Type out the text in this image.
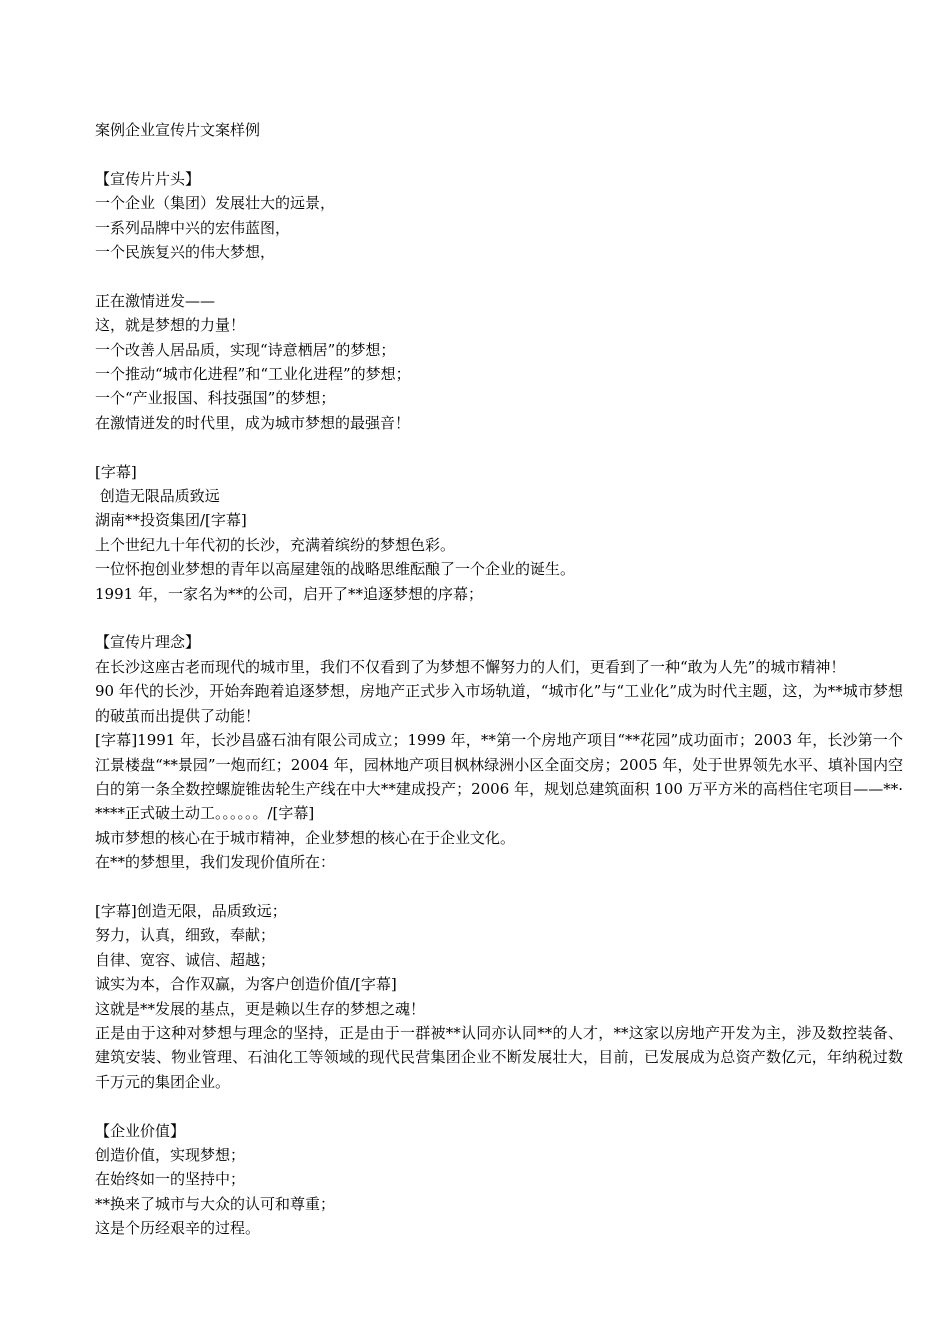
案例企业宣传片文案样例

【宣传片片头】

一个企业（集团）发展壮大的远景，

一系列品牌中兴的宏伟蓝图，

一个民族复兴的伟大梦想，

正在激情迸发——

这，就是梦想的力量！

一个改善人居品质，实现“诗意栖居”的梦想；

一个推动“城市化进程”和“工业化进程”的梦想；

一个“产业报国、科技强国”的梦想；

在激情迸发的时代里，成为城市梦想的最强音！

[字幕]

创造无限品质致远

湖南**投资集团/[字幕]

上个世纪九十年代初的长沙，充满着缤纷的梦想色彩。

一位怀抱创业梦想的青年以高屋建瓴的战略思维酝酿了一个企业的诞生。

1991 年，一家名为**的公司，启开了**追逐梦想的序幕；

【宣传片理念】

在长沙这座古老而现代的城市里，我们不仅看到了为梦想不懈努力的人们，更看到了一种“敢为人先”的城市精神！

90 年代的长沙，开始奔跑着追逐梦想，房地产正式步入市场轨道，“城市化”与“工业化”成为时代主题，这，为**城市梦想的破茧而出提供了动能！

[字幕]1991 年，长沙昌盛石油有限公司成立；1999 年，**第一个房地产项目“**花园”成功面市；2003 年，长沙第一个江景楼盘“**景园”一炮而红；2004 年，园林地产项目枫林绿洲小区全面交房；2005 年，处于世界领先水平、填补国内空白的第一条全数控螺旋锥齿轮生产线在中大**建成投产；2006 年，规划总建筑面积 100 万平方米的高档住宅项目——**·****正式破土动工。。。。。。/[字幕]

城市梦想的核心在于城市精神，企业梦想的核心在于企业文化。

在**的梦想里，我们发现价值所在：

[字幕]创造无限，品质致远；

努力，认真，细致，奉献；

自律、宽容、诚信、超越；

诚实为本，合作双赢，为客户创造价值/[字幕]

这就是**发展的基点，更是赖以生存的梦想之魂！

正是由于这种对梦想与理念的坚持，正是由于一群被**认同亦认同**的人才，**这家以房地产开发为主，涉及数控装备、建筑安装、物业管理、石油化工等领域的现代民营集团企业不断发展壮大，目前，已发展成为总资产数亿元，年纳税过数千万元的集团企业。

【企业价值】

创造价值，实现梦想；

在始终如一的坚持中；

**换来了城市与大众的认可和尊重；

这是个历经艰辛的过程。
